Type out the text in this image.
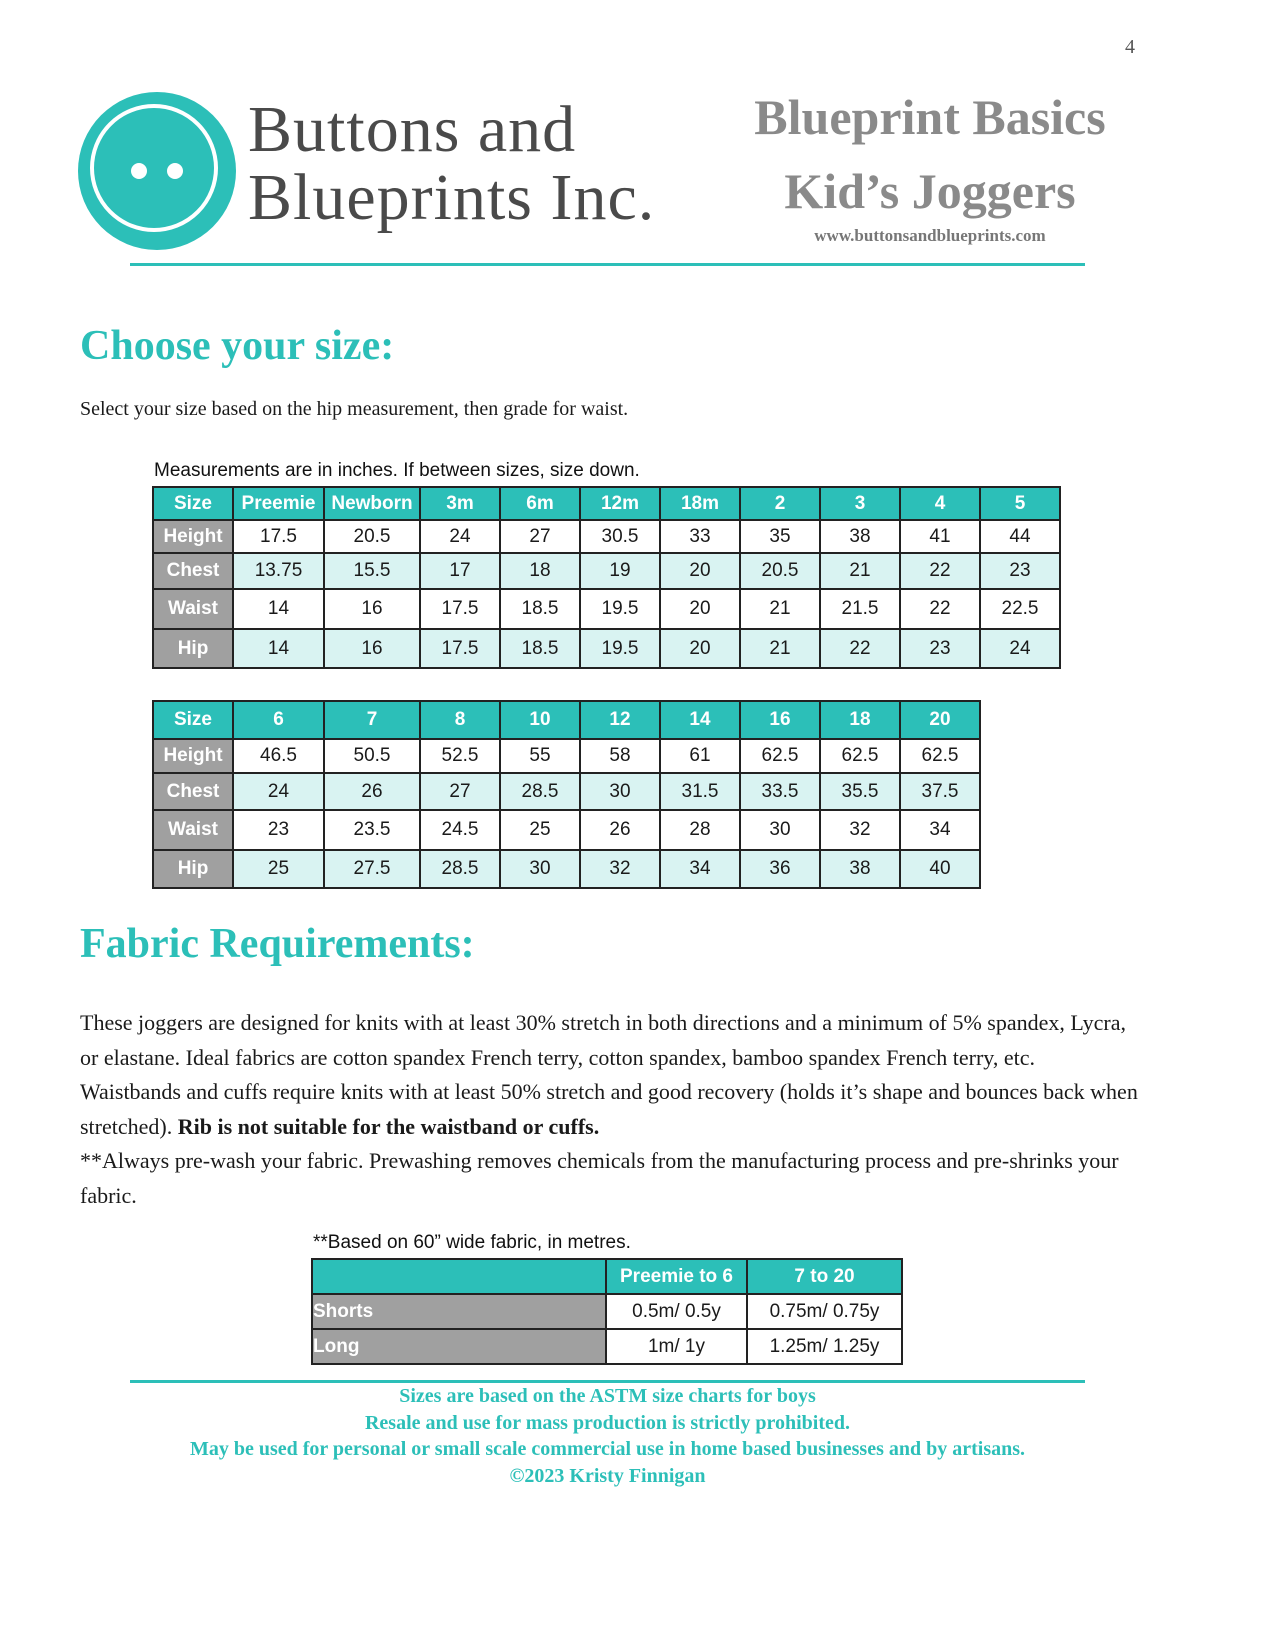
4
Buttons and
Blueprints Inc.
Blueprint Basics
Kid’s Joggers
www.buttonsandblueprints.com
Choose your size:
Select your size based on the hip measurement, then grade for waist.
Measurements are in inches. If between sizes, size down.
Size	Preemie	Newborn	3m	6m	12m	18m	2	3	4	5
Height	17.5	20.5	24	27	30.5	33	35	38	41	44
Chest	13.75	15.5	17	18	19	20	20.5	21	22	23
Waist	14	16	17.5	18.5	19.5	20	21	21.5	22	22.5
Hip	14	16	17.5	18.5	19.5	20	21	22	23	24
Size	6	7	8	10	12	14	16	18	20
Height	46.5	50.5	52.5	55	58	61	62.5	62.5	62.5
Chest	24	26	27	28.5	30	31.5	33.5	35.5	37.5
Waist	23	23.5	24.5	25	26	28	30	32	34
Hip	25	27.5	28.5	30	32	34	36	38	40
Fabric Requirements:
These joggers are designed for knits with at least 30% stretch in both directions and a minimum of 5% spandex, Lycra, or elastane. Ideal fabrics are cotton spandex French terry, cotton spandex, bamboo spandex French terry, etc. Waistbands and cuffs require knits with at least 50% stretch and good recovery (holds it’s shape and bounces back when stretched). Rib is not suitable for the waistband or cuffs.
**Always pre-wash your fabric. Prewashing removes chemicals from the manufacturing process and pre-shrinks your fabric.
**Based on 60” wide fabric, in metres.
	Preemie to 6	7 to 20
Shorts	0.5m/ 0.5y	0.75m/ 0.75y
Long	1m/ 1y	1.25m/ 1.25y
Sizes are based on the ASTM size charts for boys
Resale and use for mass production is strictly prohibited.
May be used for personal or small scale commercial use in home based businesses and by artisans.
©2023 Kristy Finnigan
